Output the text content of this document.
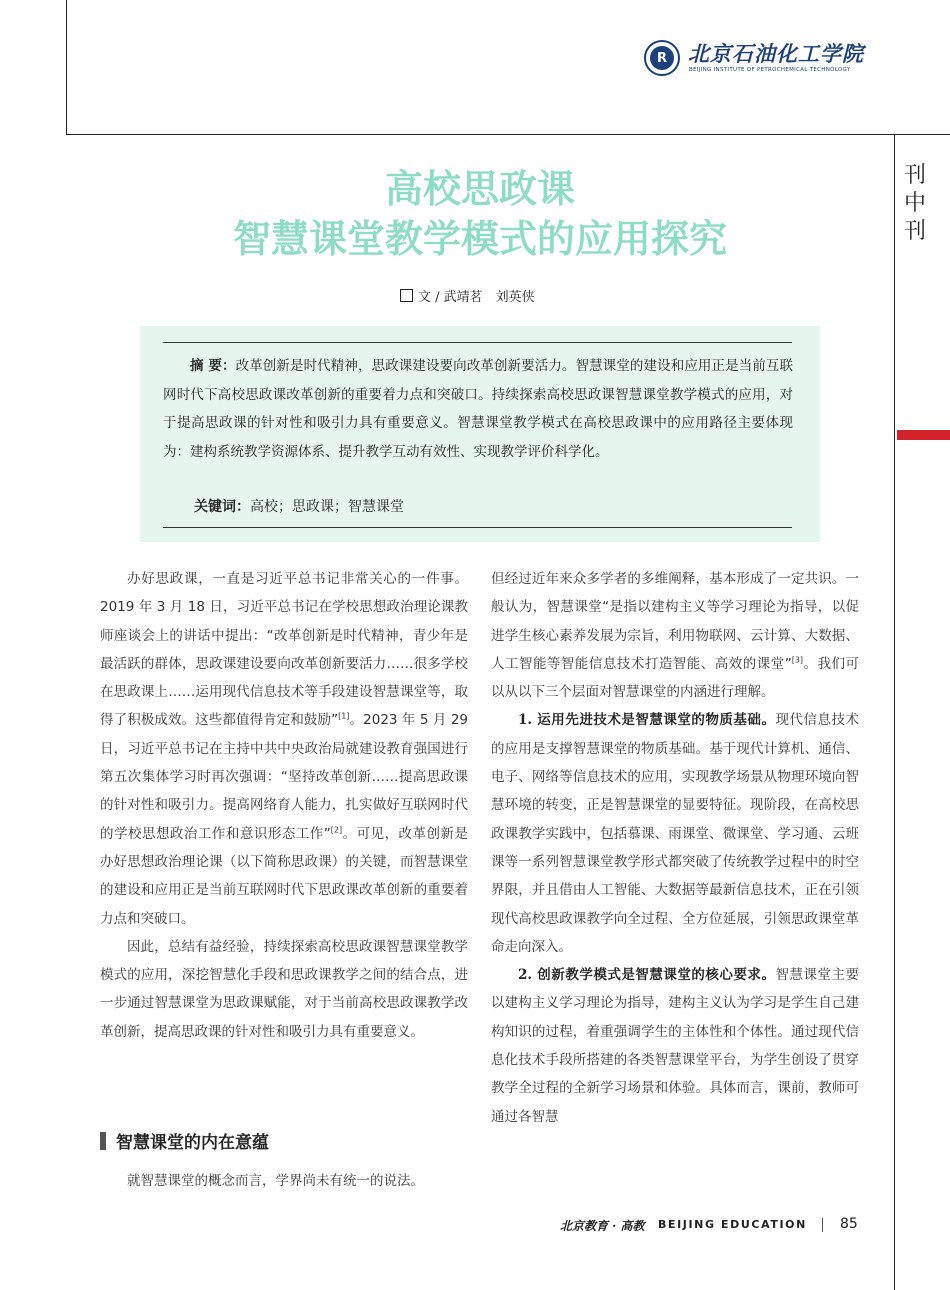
R	北京石油化工学院
BEIJING INSTITUTE OF PETROCHEMICAL TECHNOLOGY
刊
中
刊
高校思政课
智慧课堂教学模式的应用探究
文 / 武靖茗　刘英侠
摘 要：改革创新是时代精神，思政课建设要向改革创新要活力。智慧课堂的建设和应用正是当前互联网时代下高校思政课改革创新的重要着力点和突破口。持续探索高校思政课智慧课堂教学模式的应用，对于提高思政课的针对性和吸引力具有重要意义。智慧课堂教学模式在高校思政课中的应用路径主要体现为：建构系统教学资源体系、提升教学互动有效性、实现教学评价科学化。
关键词：高校；思政课；智慧课堂

办好思政课，一直是习近平总书记非常关心的一件事。2019 年 3 月 18 日，习近平总书记在学校思想政治理论课教师座谈会上的讲话中提出：“改革创新是时代精神，青少年是最活跃的群体，思政课建设要向改革创新要活力……很多学校在思政课上……运用现代信息技术等手段建设智慧课堂等，取得了积极成效。这些都值得肯定和鼓励”[1]。2023 年 5 月 29 日，习近平总书记在主持中共中央政治局就建设教育强国进行第五次集体学习时再次强调：“坚持改革创新……提高思政课的针对性和吸引力。提高网络育人能力，扎实做好互联网时代的学校思想政治工作和意识形态工作”[2]。可见，改革创新是办好思想政治理论课（以下简称思政课）的关键，而智慧课堂的建设和应用正是当前互联网时代下思政课改革创新的重要着力点和突破口。

因此，总结有益经验，持续探索高校思政课智慧课堂教学模式的应用，深挖智慧化手段和思政课教学之间的结合点，进一步通过智慧课堂为思政课赋能，对于当前高校思政课教学改革创新，提高思政课的针对性和吸引力具有重要意义。

智慧课堂的内在意蕴

就智慧课堂的概念而言，学界尚未有统一的说法。

但经过近年来众多学者的多维阐释，基本形成了一定共识。一般认为，智慧课堂“是指以建构主义等学习理论为指导，以促进学生核心素养发展为宗旨，利用物联网、云计算、大数据、人工智能等智能信息技术打造智能、高效的课堂”[3]。我们可以从以下三个层面对智慧课堂的内涵进行理解。

1. 运用先进技术是智慧课堂的物质基础。现代信息技术的应用是支撑智慧课堂的物质基础。基于现代计算机、通信、电子、网络等信息技术的应用，实现教学场景从物理环境向智慧环境的转变，正是智慧课堂的显要特征。现阶段，在高校思政课教学实践中，包括慕课、雨课堂、微课堂、学习通、云班课等一系列智慧课堂教学形式都突破了传统教学过程中的时空界限，并且借由人工智能、大数据等最新信息技术，正在引领现代高校思政课教学向全过程、全方位延展，引领思政课堂革命走向深入。

2. 创新教学模式是智慧课堂的核心要求。智慧课堂主要以建构主义学习理论为指导，建构主义认为学习是学生自己建构知识的过程，着重强调学生的主体性和个体性。通过现代信息化技术手段所搭建的各类智慧课堂平台，为学生创设了贯穿教学全过程的全新学习场景和体验。具体而言，课前，教师可通过各智慧

北京教育 · 高教 BEIJING EDUCATION 85
